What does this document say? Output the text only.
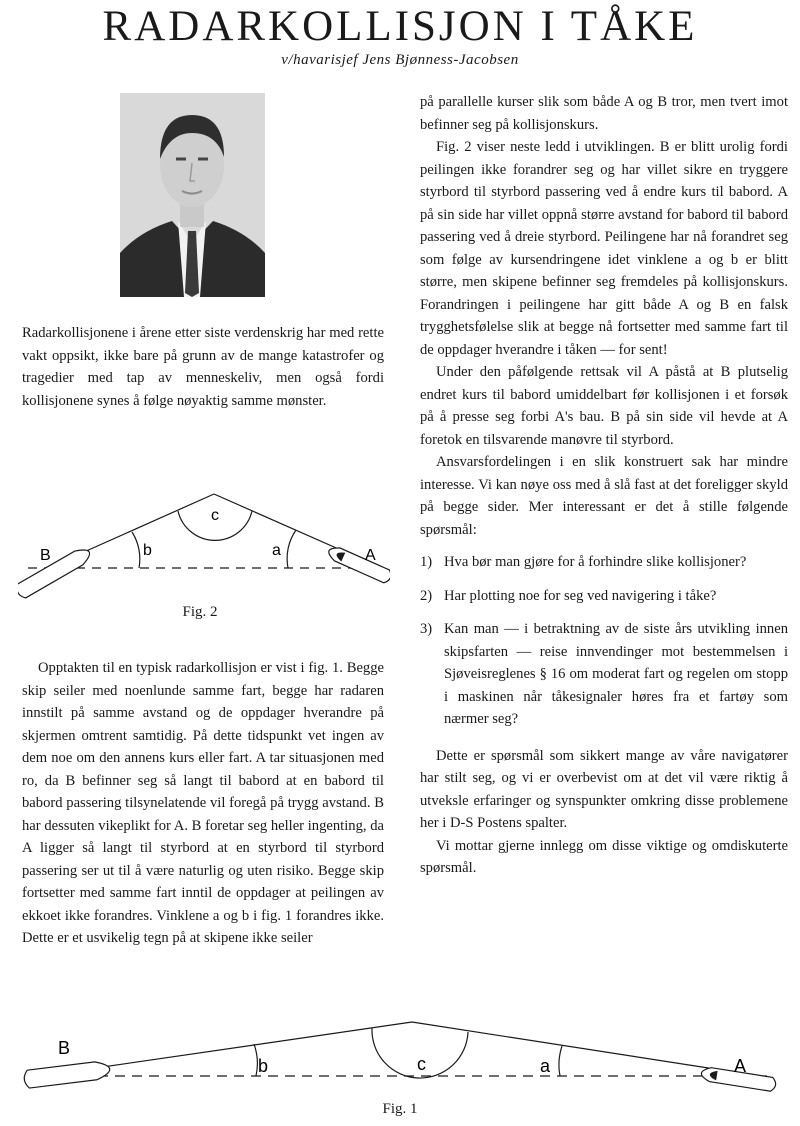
RADARKOLLISJON I TÅKE
v/havarisjef Jens Bjønness-Jacobsen

Radarkollisjonene i årene etter siste verdenskrig har med rette vakt oppsikt, ikke bare på grunn av de mange katastrofer og tragedier med tap av menneskeliv, men også fordi kollisjonene synes å følge nøyaktig samme mønster.

B	A
b	a
c
Fig. 2

Opptakten til en typisk radarkollisjon er vist i fig. 1. Begge skip seiler med noenlunde samme fart, begge har radaren innstilt på samme avstand og de oppdager hverandre på skjermen omtrent samtidig. På dette tidspunkt vet ingen av dem noe om den annens kurs eller fart. A tar situasjonen med ro, da B befinner seg så langt til babord at en babord til babord passering tilsynelatende vil foregå på trygg avstand. B har dessuten vikeplikt for A. B foretar seg heller ingenting, da A ligger så langt til styrbord at en styrbord til styrbord passering ser ut til å være naturlig og uten risiko. Begge skip fortsetter med samme fart inntil de oppdager at peilingen av ekkoet ikke forandres. Vinklene a og b i fig. 1 forandres ikke. Dette er et usvikelig tegn på at skipene ikke seiler

på parallelle kurser slik som både A og B tror, men tvert imot befinner seg på kollisjonskurs.

Fig. 2 viser neste ledd i utviklingen. B er blitt urolig fordi peilingen ikke forandrer seg og har villet sikre en tryggere styrbord til styrbord passering ved å endre kurs til babord. A på sin side har villet oppnå større avstand for babord til babord passering ved å dreie styrbord. Peilingene har nå forandret seg som følge av kursendringene idet vinklene a og b er blitt større, men skipene befinner seg fremdeles på kollisjonskurs. Forandringen i peilingene har gitt både A og B en falsk trygghetsfølelse slik at begge nå fortsetter med samme fart til de oppdager hverandre i tåken — for sent!

Under den påfølgende rettsak vil A påstå at B plutselig endret kurs til babord umiddelbart før kollisjonen i et forsøk på å presse seg forbi A's bau. B på sin side vil hevde at A foretok en tilsvarende manøvre til styrbord.

Ansvarsfordelingen i en slik konstruert sak har mindre interesse. Vi kan nøye oss med å slå fast at det foreligger skyld på begge sider. Mer interessant er det å stille følgende spørsmål:

1) Hva bør man gjøre for å forhindre slike kollisjoner?
2) Har plotting noe for seg ved navigering i tåke?
3) Kan man — i betraktning av de siste års utvikling innen skipsfarten — reise innvendinger mot bestemmelsen i Sjøveisreglenes § 16 om moderat fart og regelen om stopp i maskinen når tåkesignaler høres fra et fartøy som nærmer seg?

Dette er spørsmål som sikkert mange av våre navigatører har stilt seg, og vi er overbevist om at det vil være riktig å utveksle erfaringer og synspunkter omkring disse problemene her i D-S Postens spalter.

Vi mottar gjerne innlegg om disse viktige og omdiskuterte spørsmål.

B
A
b	a
c
Fig. 1
